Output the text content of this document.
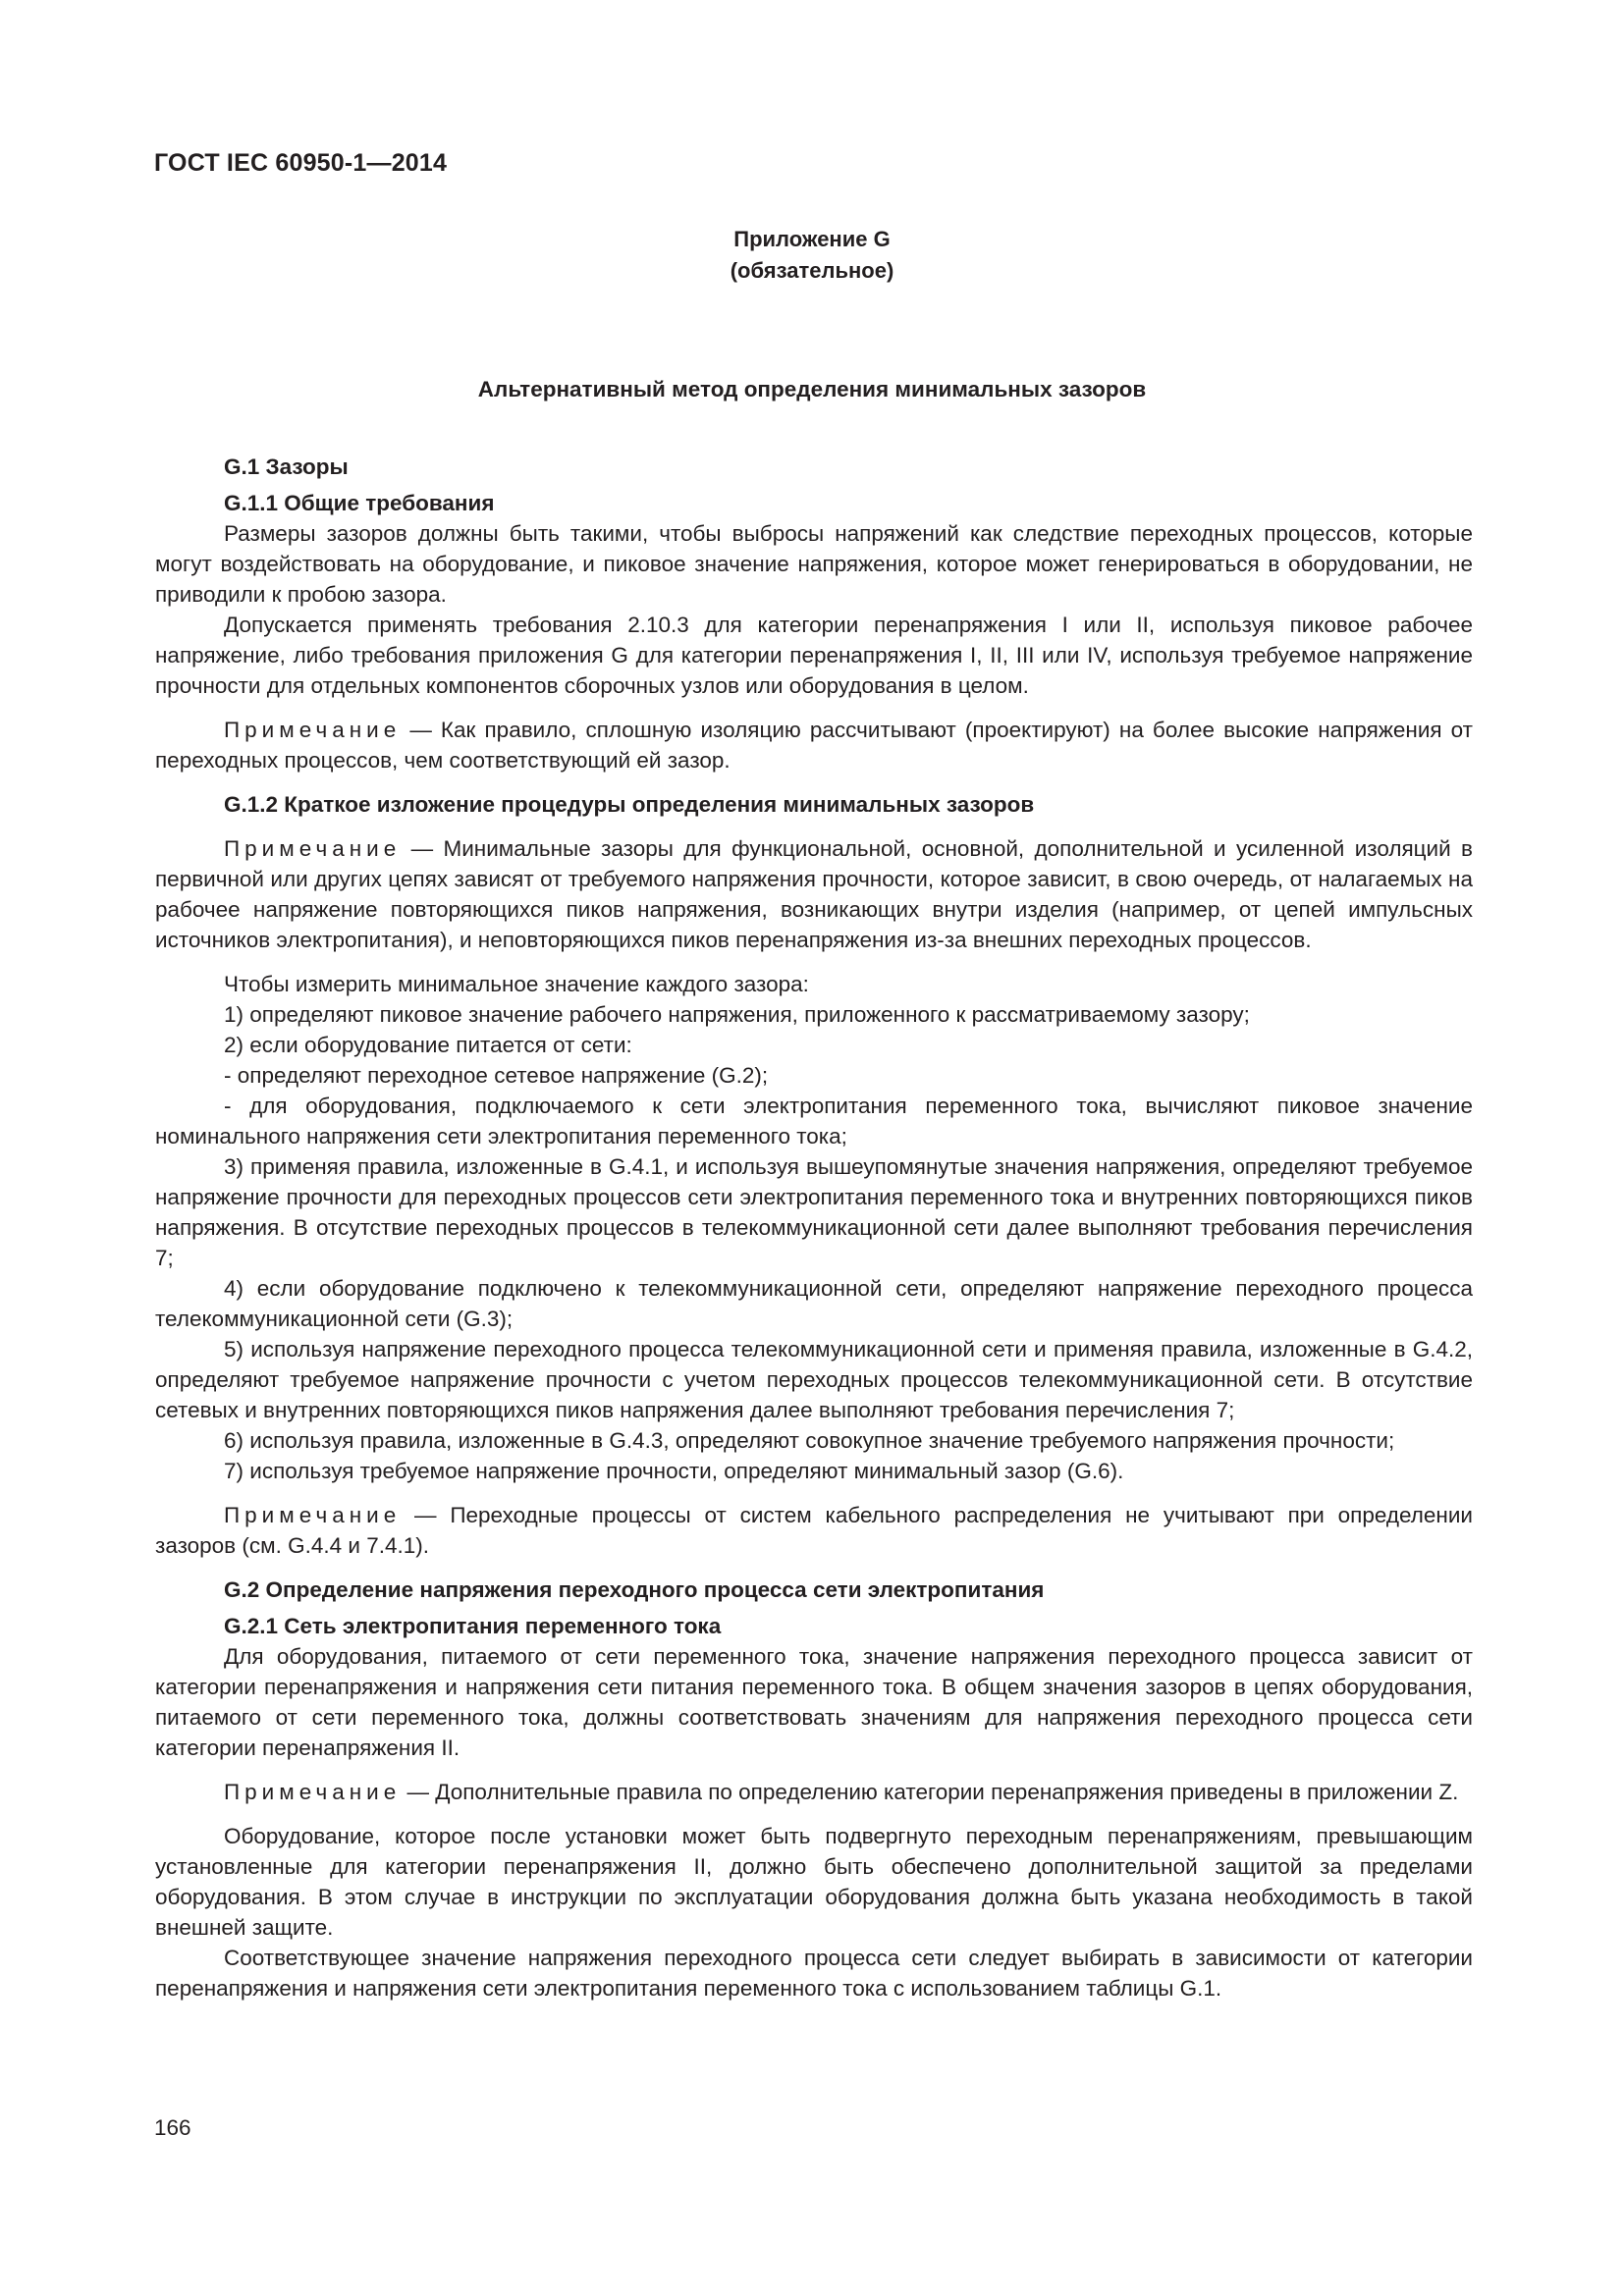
ГОСТ IEC 60950-1—2014
Приложение G
(обязательное)
Альтернативный метод определения минимальных зазоров

G.1 Зазоры

G.1.1 Общие требования

Размеры зазоров должны быть такими, чтобы выбросы напряжений как следствие переходных процессов, которые могут воздействовать на оборудование, и пиковое значение напряжения, которое может генерироваться в оборудовании, не приводили к пробою зазора.

Допускается применять требования 2.10.3 для категории перенапряжения I или II, используя пиковое рабочее напряжение, либо требования приложения G для категории перенапряжения I, II, III или IV, используя требуемое напряжение прочности для отдельных компонентов сборочных узлов или оборудования в целом.

Примечание — Как правило, сплошную изоляцию рассчитывают (проектируют) на более высокие напряжения от переходных процессов, чем соответствующий ей зазор.

G.1.2 Краткое изложение процедуры определения минимальных зазоров

Примечание — Минимальные зазоры для функциональной, основной, дополнительной и усиленной изоляций в первичной или других цепях зависят от требуемого напряжения прочности, которое зависит, в свою очередь, от налагаемых на рабочее напряжение повторяющихся пиков напряжения, возникающих внутри изделия (например, от цепей импульсных источников электропитания), и неповторяющихся пиков перенапряжения из-за внешних переходных процессов.

Чтобы измерить минимальное значение каждого зазора:

1) определяют пиковое значение рабочего напряжения, приложенного к рассматриваемому зазору;

2) если оборудование питается от сети:

- определяют переходное сетевое напряжение (G.2);

- для оборудования, подключаемого к сети электропитания переменного тока, вычисляют пиковое значение номинального напряжения сети электропитания переменного тока;

3) применяя правила, изложенные в G.4.1, и используя вышеупомянутые значения напряжения, определяют требуемое напряжение прочности для переходных процессов сети электропитания переменного тока и внутренних повторяющихся пиков напряжения. В отсутствие переходных процессов в телекоммуникационной сети далее выполняют требования перечисления 7;

4) если оборудование подключено к телекоммуникационной сети, определяют напряжение переходного процесса телекоммуникационной сети (G.3);

5) используя напряжение переходного процесса телекоммуникационной сети и применяя правила, изложенные в G.4.2, определяют требуемое напряжение прочности с учетом переходных процессов телекоммуникационной сети. В отсутствие сетевых и внутренних повторяющихся пиков напряжения далее выполняют требования перечисления 7;

6) используя правила, изложенные в G.4.3, определяют совокупное значение требуемого напряжения прочности;

7) используя требуемое напряжение прочности, определяют минимальный зазор (G.6).

Примечание — Переходные процессы от систем кабельного распределения не учитывают при определении зазоров (см. G.4.4 и 7.4.1).

G.2 Определение напряжения переходного процесса сети электропитания

G.2.1 Сеть электропитания переменного тока

Для оборудования, питаемого от сети переменного тока, значение напряжения переходного процесса зависит от категории перенапряжения и напряжения сети питания переменного тока. В общем значения зазоров в цепях оборудования, питаемого от сети переменного тока, должны соответствовать значениям для напряжения переходного процесса сети категории перенапряжения II.

Примечание — Дополнительные правила по определению категории перенапряжения приведены в приложении Z.

Оборудование, которое после установки может быть подвергнуто переходным перенапряжениям, превышающим установленные для категории перенапряжения II, должно быть обеспечено дополнительной защитой за пределами оборудования. В этом случае в инструкции по эксплуатации оборудования должна быть указана необходимость в такой внешней защите.

Соответствующее значение напряжения переходного процесса сети следует выбирать в зависимости от категории перенапряжения и напряжения сети электропитания переменного тока с использованием таблицы G.1.

166
